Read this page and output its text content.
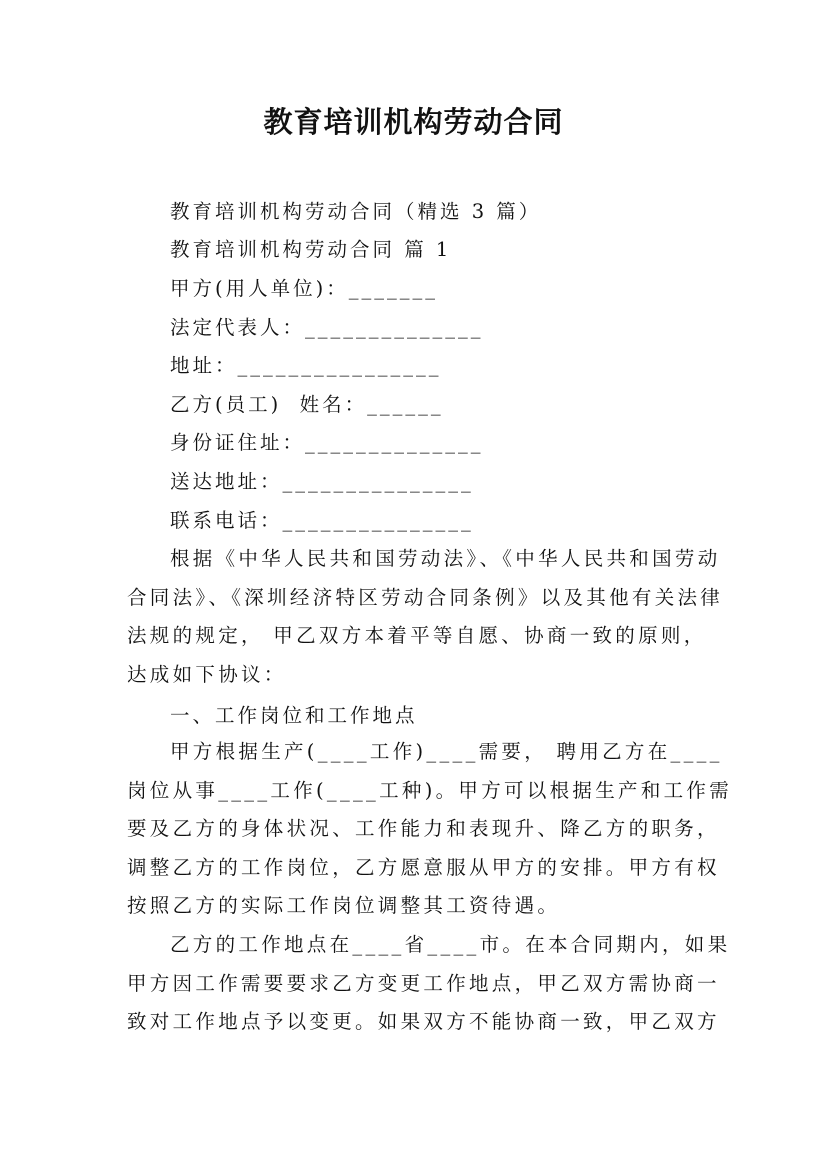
教育培训机构劳动合同
教育培训机构劳动合同（精选 3 篇）
教育培训机构劳动合同 篇 1
甲方(用人单位)：_______
法定代表人：______________
地址：________________
乙方(员工)  姓名：______
身份证住址：______________
送达地址：_______________
联系电话：_______________

根据《中华人民共和国劳动法》、《中华人民共和国劳动

合同法》、《深圳经济特区劳动合同条例》以及其他有关法律

法规的规定， 甲乙双方本着平等自愿、协商一致的原则，

达成如下协议：

一、工作岗位和工作地点

甲方根据生产(____工作)____需要， 聘用乙方在____

岗位从事____工作(____工种)。甲方可以根据生产和工作需

要及乙方的身体状况、工作能力和表现升、降乙方的职务，

调整乙方的工作岗位，乙方愿意服从甲方的安排。甲方有权

按照乙方的实际工作岗位调整其工资待遇。

乙方的工作地点在____省____市。在本合同期内，如果

甲方因工作需要要求乙方变更工作地点，甲乙双方需协商一

致对工作地点予以变更。如果双方不能协商一致，甲乙双方
